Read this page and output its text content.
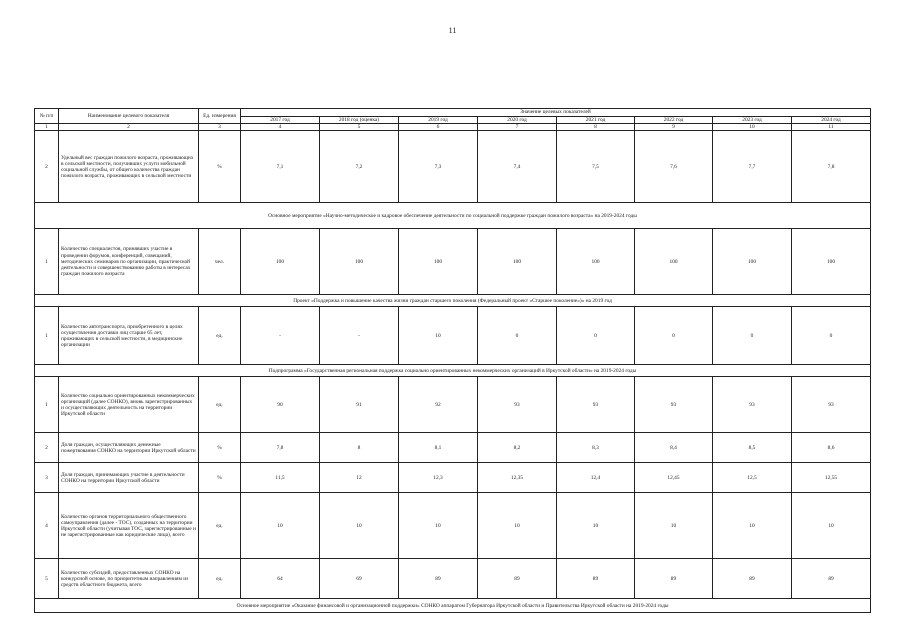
11
№ п/п	Наименование целевого показателя	Ед. измерения	Значение целевых показателей							
			2017 год	2018 год (оценка)	2019 год	2020 год	2021 год	2022 год	2023 год	2024 год
1	2	3	4	5	6	7	8	9	10	11
2	Удельный вес граждан пожилого возраста, проживающих в сельской местности, получивших услуги мобильной социальной службы, от общего количества граждан пожилого возраста, проживающих в сельской местности	%	7,1	7,2	7,3	7,4	7,5	7,6	7,7	7,8
Основное мероприятие «Научно-методическое и кадровое обеспечение деятельности по социальной поддержке граждан пожилого возраста» на 2019-2024 годы										
1	Количество специалистов, принявших участие в проведении форумов, конференций, совещаний, методических семинаров по организации, практической деятельности и совершенствованию работы в интересах граждан пожилого возраста	чел.	100	100	100	100	100	100	100	100
Проект «Поддержка и повышение качества жизни граждан старшего поколения (Федеральный проект «Старшее поколение»)» на 2019 год										
1	Количество автотранспорта, приобретенного в целях осуществления доставки лиц старше 65 лет, проживающих в сельской местности, в медицинские организации	ед.	-	-	10	0	0	0	0	0
Подпрограмма «Государственная региональная поддержка социально ориентированных некоммерческих организаций в Иркутской области» на 2019-2024 годы										
1	Количество социально ориентированных некоммерческих организаций (далее СОНКО), вновь зарегистрированных и осуществляющих деятельность на территории Иркутской области	ед.	90	91	92	93	93	93	93	93
2	Доля граждан, осуществляющих денежные пожертвования СОНКО на территории Иркутской области	%	7,8	8	8,1	8,2	8,3	8,4	8,5	8,6
3	Доля граждан, принимающих участие в деятельности СОНКО на территории Иркутской области	%	11,5	12	12,3	12,35	12,4	12,45	12,5	12,55
4	Количество органов территориального общественного самоуправления (далее - ТОС), созданных на территории Иркутской области (учитывая ТОС, зарегистрированные и не зарегистрированные как юридические лица), всего	ед.	10	10	10	10	10	10	10	10
5	Количество субсидий, предоставленных СОНКО на конкурсной основе, по приоритетным направлениям из средств областного бюджета, всего	ед.	64	69	89	89	89	89	89	89
Основное мероприятие «Оказание финансовой и организационной поддержки» СОНКО аппаратом Губернатора Иркутской области и Правительства Иркутской области на 2019-2024 годы										
